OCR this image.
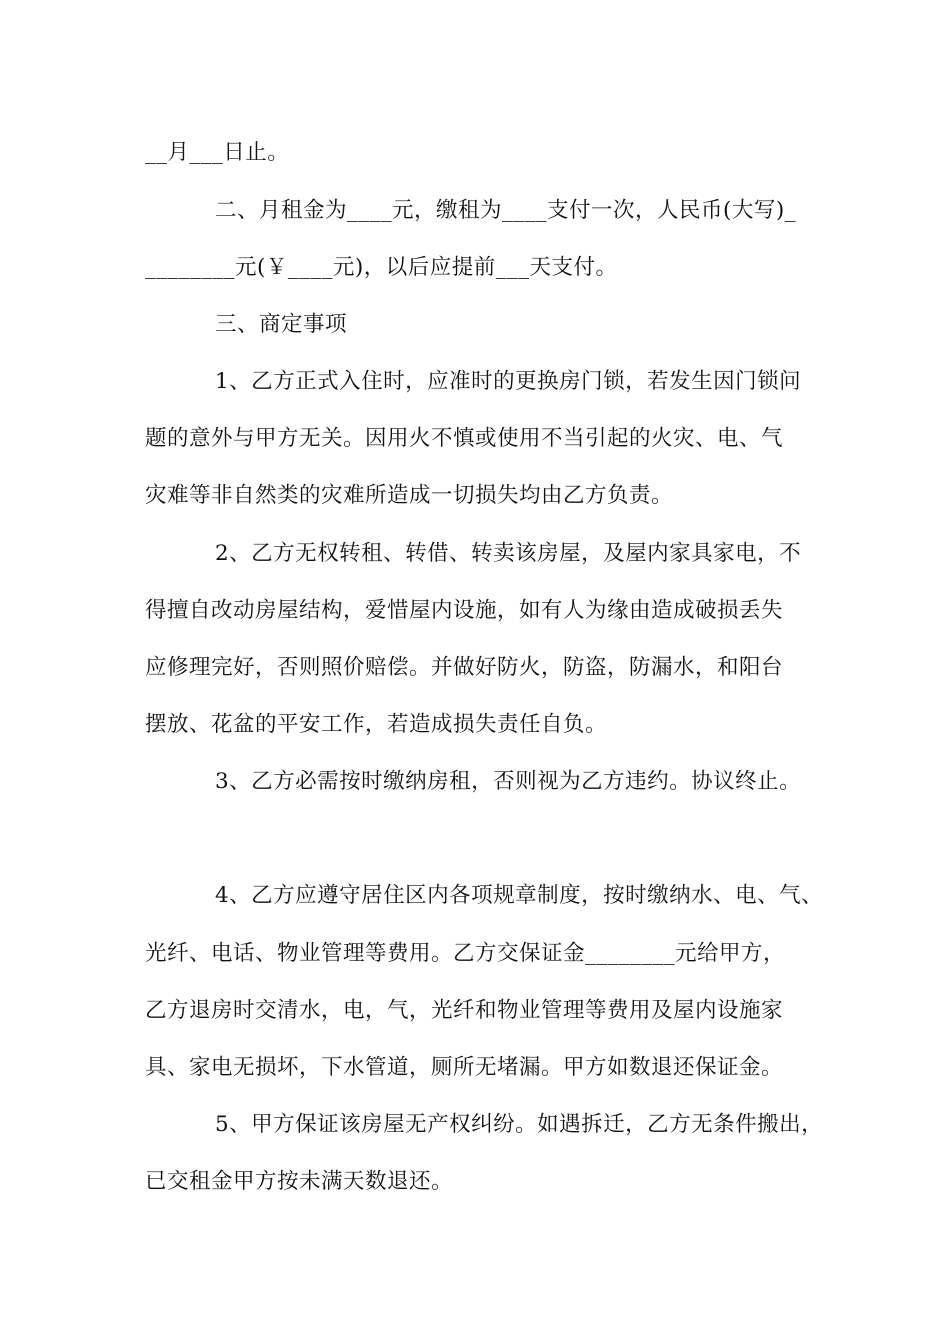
__月___日止。
二、月租金为____元，缴租为____支付一次，人民币(大写)_
________元(￥____元)，以后应提前___天支付。
三、商定事项
1、乙方正式入住时，应准时的更换房门锁，若发生因门锁问
题的意外与甲方无关。因用火不慎或使用不当引起的火灾、电、气
灾难等非自然类的灾难所造成一切损失均由乙方负责。
2、乙方无权转租、转借、转卖该房屋，及屋内家具家电，不
得擅自改动房屋结构，爱惜屋内设施，如有人为缘由造成破损丢失
应修理完好，否则照价赔偿。并做好防火，防盗，防漏水，和阳台
摆放、花盆的平安工作，若造成损失责任自负。
3、乙方必需按时缴纳房租，否则视为乙方违约。协议终止。
4、乙方应遵守居住区内各项规章制度，按时缴纳水、电、气、
光纤、电话、物业管理等费用。乙方交保证金________元给甲方，
乙方退房时交清水，电，气，光纤和物业管理等费用及屋内设施家
具、家电无损坏，下水管道，厕所无堵漏。甲方如数退还保证金。
5、甲方保证该房屋无产权纠纷。如遇拆迁，乙方无条件搬出，
已交租金甲方按未满天数退还。
